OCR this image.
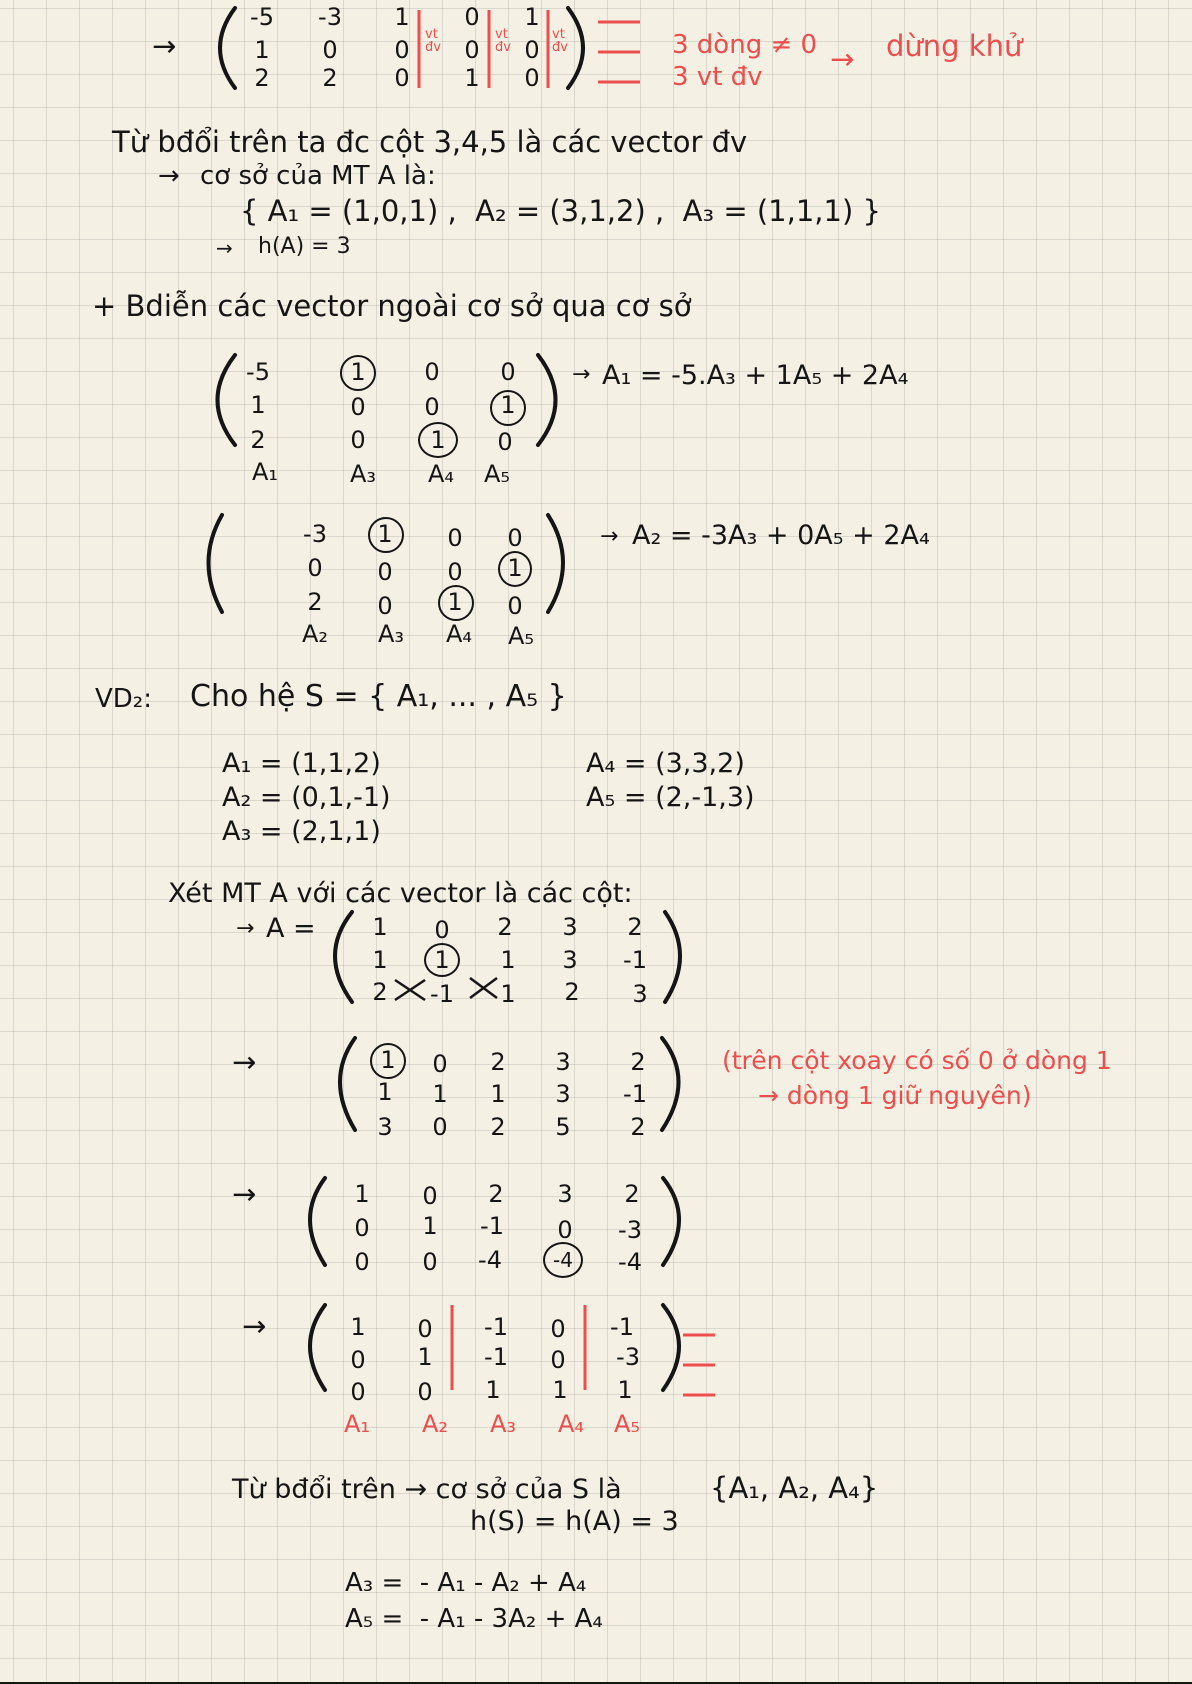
→
-5 -3 1 0 1
1 0 0 0 0
2 2 0 1 0
vt đv
vt đv
vt đv	3 dòng ≠ 0
3 vt đv
→ dừng khử
Từ bđổi trên ta đc cột 3,4,5 là các vector đv
→ cơ sở của MT A là:
{ A₁ = (1,0,1) ,  A₂ = (3,1,2) ,  A₃ = (1,1,1) }
→ h(A) = 3
+ Bdiễn các vector ngoài cơ sở qua cơ sở
-5	1 0	0
1	0 0	1
2	0	1 0
A₁	A₃ A₄ A₅
→ A₁ = -5.A₃ + 1A₅ + 2A₄
-3 1 0 0
0 0 0 1
2 0 1 0
A₂ A₃ A₄ A₅
→ A₂ = -3A₃ + 0A₅ + 2A₄
VD₂: Cho hệ S = { A₁, ... , A₅ }
A₁ = (1,1,2)
A₂ = (0,1,-1)
A₃ = (2,1,1)
A₄ = (3,3,2)
A₅ = (2,-1,3)
Xét MT A với các vector là các cột:
→ A = 1 0 2 3 2
1 1 1 3 -1
2 -1 1 2 3
→	1 0 2 3 2
1 1 1 3 -1
3 0 2 5 2
(trên cột xoay có số 0 ở dòng 1
→ dòng 1 giữ nguyên)
→	1 0 2 3 2
0 1 -1 0 -3
0 0 -4	-4 -4
→	1 0 -1 0 -1
0 1 -1 0 -3
0 0 1 1 1
A₁ A₂ A₃ A₄ A₅
Từ bđổi trên → cơ sở của S là	{A₁, A₂, A₄}
h(S) = h(A) = 3
A₃ =  - A₁ - A₂ + A₄
A₅ =  - A₁ - 3A₂ + A₄
